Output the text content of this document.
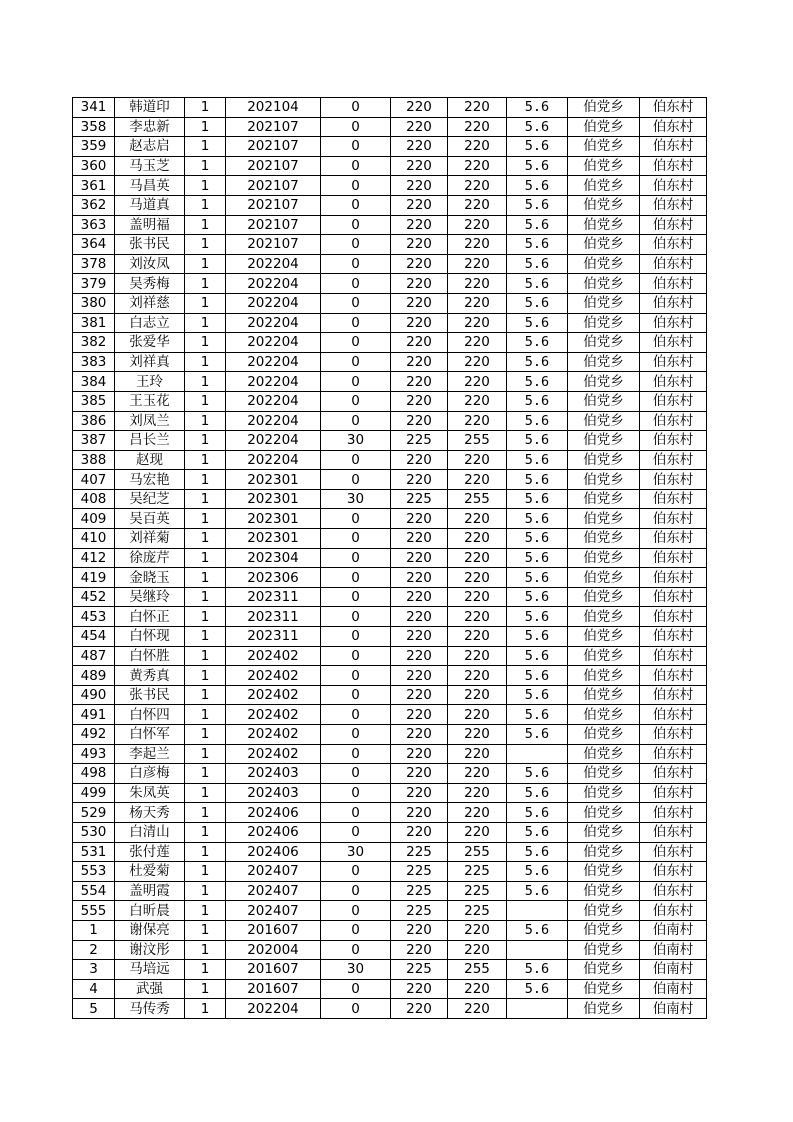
341	韩道印	1	202104	0	220	220	5.6	伯党乡	伯东村
358	李忠新	1	202107	0	220	220	5.6	伯党乡	伯东村
359	赵志启	1	202107	0	220	220	5.6	伯党乡	伯东村
360	马玉芝	1	202107	0	220	220	5.6	伯党乡	伯东村
361	马昌英	1	202107	0	220	220	5.6	伯党乡	伯东村
362	马道真	1	202107	0	220	220	5.6	伯党乡	伯东村
363	盖明福	1	202107	0	220	220	5.6	伯党乡	伯东村
364	张书民	1	202107	0	220	220	5.6	伯党乡	伯东村
378	刘汝凤	1	202204	0	220	220	5.6	伯党乡	伯东村
379	吴秀梅	1	202204	0	220	220	5.6	伯党乡	伯东村
380	刘祥慈	1	202204	0	220	220	5.6	伯党乡	伯东村
381	白志立	1	202204	0	220	220	5.6	伯党乡	伯东村
382	张爱华	1	202204	0	220	220	5.6	伯党乡	伯东村
383	刘祥真	1	202204	0	220	220	5.6	伯党乡	伯东村
384	王玲	1	202204	0	220	220	5.6	伯党乡	伯东村
385	王玉花	1	202204	0	220	220	5.6	伯党乡	伯东村
386	刘凤兰	1	202204	0	220	220	5.6	伯党乡	伯东村
387	吕长兰	1	202204	30	225	255	5.6	伯党乡	伯东村
388	赵现	1	202204	0	220	220	5.6	伯党乡	伯东村
407	马宏艳	1	202301	0	220	220	5.6	伯党乡	伯东村
408	吴纪芝	1	202301	30	225	255	5.6	伯党乡	伯东村
409	吴百英	1	202301	0	220	220	5.6	伯党乡	伯东村
410	刘祥菊	1	202301	0	220	220	5.6	伯党乡	伯东村
412	徐庞芹	1	202304	0	220	220	5.6	伯党乡	伯东村
419	金晓玉	1	202306	0	220	220	5.6	伯党乡	伯东村
452	吴继玲	1	202311	0	220	220	5.6	伯党乡	伯东村
453	白怀正	1	202311	0	220	220	5.6	伯党乡	伯东村
454	白怀现	1	202311	0	220	220	5.6	伯党乡	伯东村
487	白怀胜	1	202402	0	220	220	5.6	伯党乡	伯东村
489	黄秀真	1	202402	0	220	220	5.6	伯党乡	伯东村
490	张书民	1	202402	0	220	220	5.6	伯党乡	伯东村
491	白怀四	1	202402	0	220	220	5.6	伯党乡	伯东村
492	白怀军	1	202402	0	220	220	5.6	伯党乡	伯东村
493	李起兰	1	202402	0	220	220		伯党乡	伯东村
498	白彦梅	1	202403	0	220	220	5.6	伯党乡	伯东村
499	朱凤英	1	202403	0	220	220	5.6	伯党乡	伯东村
529	杨天秀	1	202406	0	220	220	5.6	伯党乡	伯东村
530	白清山	1	202406	0	220	220	5.6	伯党乡	伯东村
531	张付莲	1	202406	30	225	255	5.6	伯党乡	伯东村
553	杜爱菊	1	202407	0	225	225	5.6	伯党乡	伯东村
554	盖明霞	1	202407	0	225	225	5.6	伯党乡	伯东村
555	白昕晨	1	202407	0	225	225		伯党乡	伯东村
1	谢保亮	1	201607	0	220	220	5.6	伯党乡	伯南村
2	谢汶彤	1	202004	0	220	220		伯党乡	伯南村
3	马培远	1	201607	30	225	255	5.6	伯党乡	伯南村
4	武强	1	201607	0	220	220	5.6	伯党乡	伯南村
5	马传秀	1	202204	0	220	220		伯党乡	伯南村
